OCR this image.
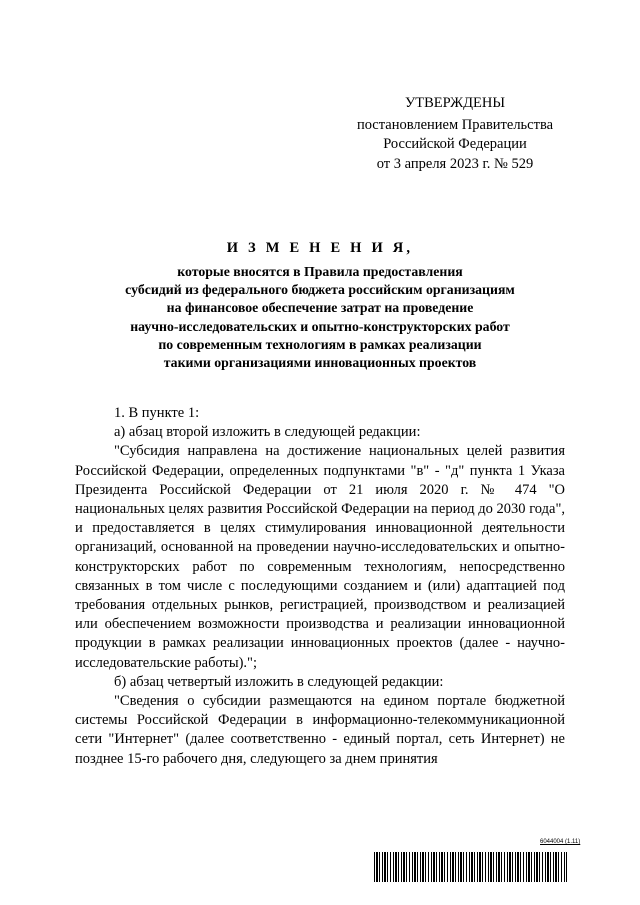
УТВЕРЖДЕНЫ
постановлением Правительства
Российской Федерации
от 3 апреля 2023 г. № 529
И З М Е Н Е Н И Я,
которые вносятся в Правила предоставления
субсидий из федерального бюджета российским организациям
на финансовое обеспечение затрат на проведение
научно-исследовательских и опытно-конструкторских работ
по современным технологиям в рамках реализации
такими организациями инновационных проектов

1. В пункте 1:

а) абзац второй изложить в следующей редакции:

"Субсидия направлена на достижение национальных целей развития Российской Федерации, определенных подпунктами "в" - "д" пункта 1 Указа Президента Российской Федерации от 21 июля 2020 г. № 474 "О национальных целях развития Российской Федерации на период до 2030 года", и предоставляется в целях стимулирования инновационной деятельности организаций, основанной на проведении научно-исследовательских и опытно-конструкторских работ по современным технологиям, непосредственно связанных в том числе с последующими созданием и (или) адаптацией под требования отдельных рынков, регистрацией, производством и реализацией или обеспечением возможности производства и реализации инновационной продукции в рамках реализации инновационных проектов (далее - научно-исследовательские работы).";

б) абзац четвертый изложить в следующей редакции:

"Сведения о субсидии размещаются на едином портале бюджетной системы Российской Федерации в информационно-телекоммуникационной сети "Интернет" (далее соответственно - единый портал, сеть Интернет) не позднее 15-го рабочего дня, следующего за днем принятия

6044004 (1.11)
